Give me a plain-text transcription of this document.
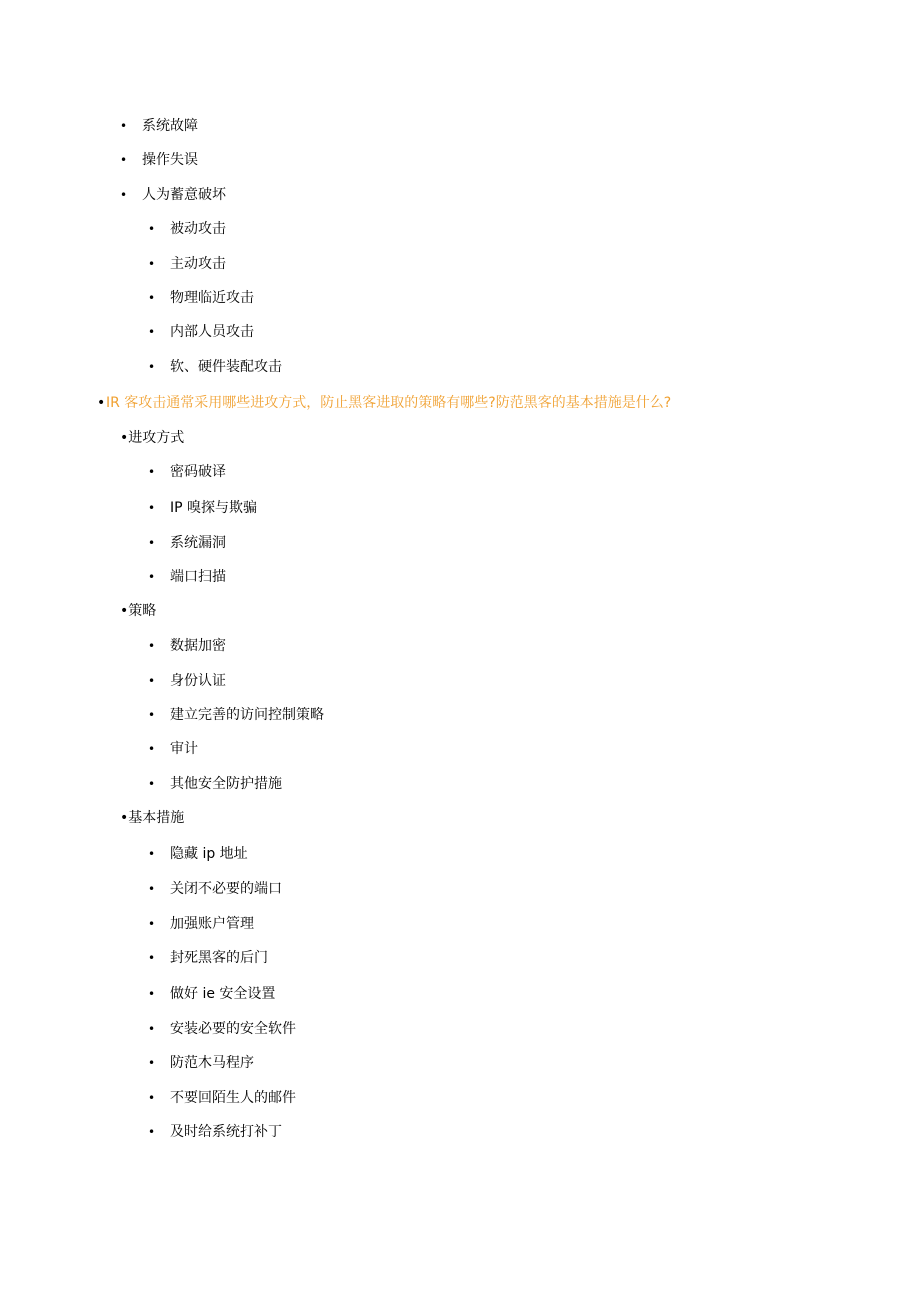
• 系统故障
• 操作失误
• 人为蓄意破坏
• 被动攻击
• 主动攻击
• 物理临近攻击
• 内部人员攻击
• 软、硬件装配攻击
• IR 客攻击通常采用哪些进攻方式，防止黑客进取的策略有哪些?防范黑客的基本措施是什么?
•进攻方式
• 密码破译
• IP 嗅探与欺骗
• 系统漏洞
• 端口扫描
•策略
• 数据加密
• 身份认证
• 建立完善的访问控制策略
• 审计
• 其他安全防护措施
•基本措施
• 隐藏 ip 地址
• 关闭不必要的端口
• 加强账户管理
• 封死黑客的后门
• 做好 ie 安全设置
• 安装必要的安全软件
• 防范木马程序
• 不要回陌生人的邮件
• 及时给系统打补丁
